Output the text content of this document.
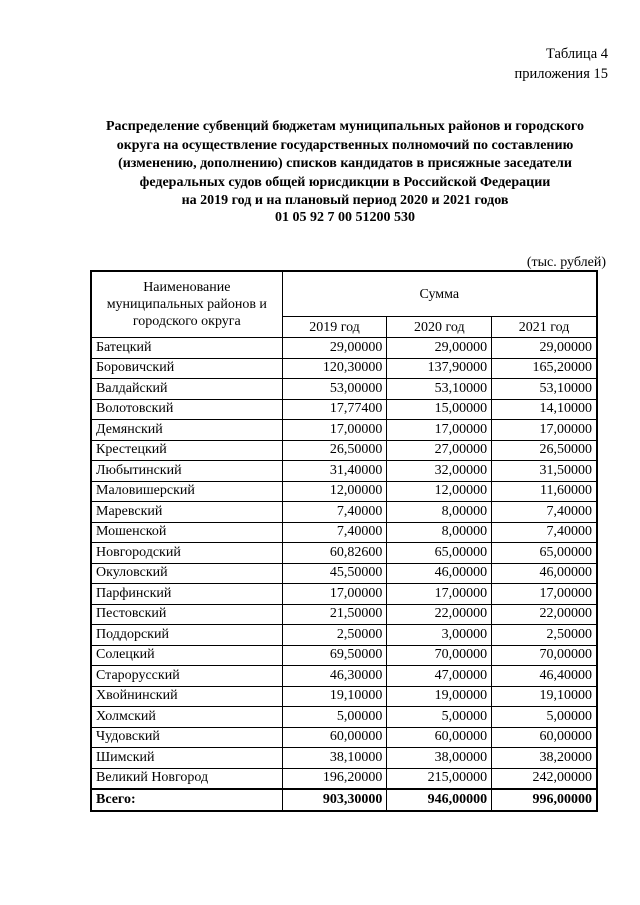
Таблица 4
приложения 15
Распределение субвенций бюджетам муниципальных районов и городского
округа на осуществление государственных полномочий по составлению
(изменению, дополнению) списков кандидатов в присяжные заседатели
федеральных судов общей юрисдикции в Российской Федерации
на 2019 год и на плановый период 2020 и 2021 годов
01 05 92 7 00 51200 530
(тыс. рублей)
Наименование муниципальных районов и городского округа	Сумма		
	2019 год	2020 год	2021 год
Батецкий	29,00000	29,00000	29,00000
Боровичский	120,30000	137,90000	165,20000
Валдайский	53,00000	53,10000	53,10000
Волотовский	17,77400	15,00000	14,10000
Демянский	17,00000	17,00000	17,00000
Крестецкий	26,50000	27,00000	26,50000
Любытинский	31,40000	32,00000	31,50000
Маловишерский	12,00000	12,00000	11,60000
Маревский	7,40000	8,00000	7,40000
Мошенской	7,40000	8,00000	7,40000
Новгородский	60,82600	65,00000	65,00000
Окуловский	45,50000	46,00000	46,00000
Парфинский	17,00000	17,00000	17,00000
Пестовский	21,50000	22,00000	22,00000
Поддорский	2,50000	3,00000	2,50000
Солецкий	69,50000	70,00000	70,00000
Старорусский	46,30000	47,00000	46,40000
Хвойнинский	19,10000	19,00000	19,10000
Холмский	5,00000	5,00000	5,00000
Чудовский	60,00000	60,00000	60,00000
Шимский	38,10000	38,00000	38,20000
Великий Новгород	196,20000	215,00000	242,00000
Всего:	903,30000	946,00000	996,00000
